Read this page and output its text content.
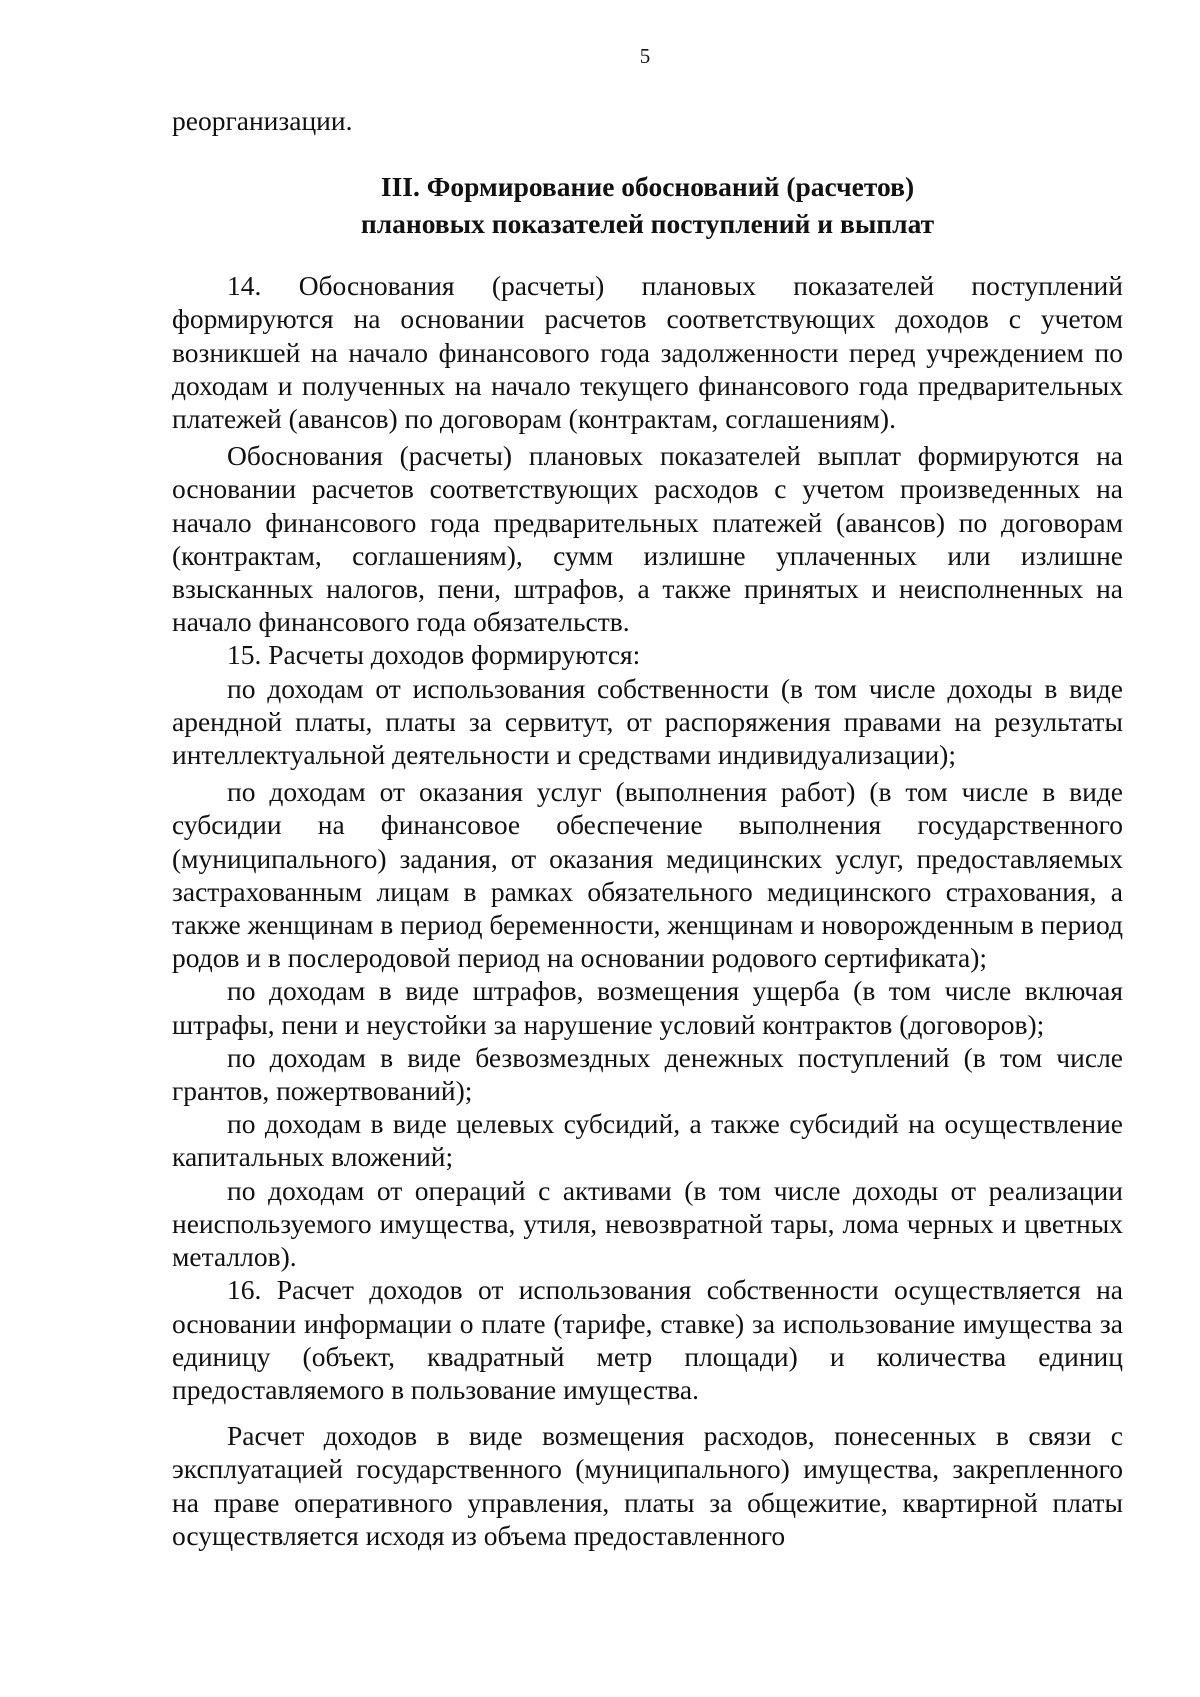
5

реорганизации.

III. Формирование обоснований (расчетов)
плановых показателей поступлений и выплат

14. Обоснования (расчеты) плановых показателей поступлений формируются на основании расчетов соответствующих доходов с учетом возникшей на начало финансового года задолженности перед учреждением по доходам и полученных на начало текущего финансового года предварительных платежей (авансов) по договорам (контрактам, соглашениям).

Обоснования (расчеты) плановых показателей выплат формируются на основании расчетов соответствующих расходов с учетом произведенных на начало финансового года предварительных платежей (авансов) по договорам (контрактам, соглашениям), сумм излишне уплаченных или излишне взысканных налогов, пени, штрафов, а также принятых и неисполненных на начало финансового года обязательств.

15. Расчеты доходов формируются:

по доходам от использования собственности (в том числе доходы в виде арендной платы, платы за сервитут, от распоряжения правами на результаты интеллектуальной деятельности и средствами индивидуализации);

по доходам от оказания услуг (выполнения работ) (в том числе в виде субсидии на финансовое обеспечение выполнения государственного (муниципального) задания, от оказания медицинских услуг, предоставляемых застрахованным лицам в рамках обязательного медицинского страхования, а также женщинам в период беременности, женщинам и новорожденным в период родов и в послеродовой период на основании родового сертификата);

по доходам в виде штрафов, возмещения ущерба (в том числе включая штрафы, пени и неустойки за нарушение условий контрактов (договоров);

по доходам в виде безвозмездных денежных поступлений (в том числе грантов, пожертвований);

по доходам в виде целевых субсидий, а также субсидий на осуществление капитальных вложений;

по доходам от операций с активами (в том числе доходы от реализации неиспользуемого имущества, утиля, невозвратной тары, лома черных и цветных металлов).

16. Расчет доходов от использования собственности осуществляется на основании информации о плате (тарифе, ставке) за использование имущества за единицу (объект, квадратный метр площади) и количества единиц предоставляемого в пользование имущества.

Расчет доходов в виде возмещения расходов, понесенных в связи с эксплуатацией государственного (муниципального) имущества, закрепленного на праве оперативного управления, платы за общежитие, квартирной платы осуществляется исходя из объема предоставленного
